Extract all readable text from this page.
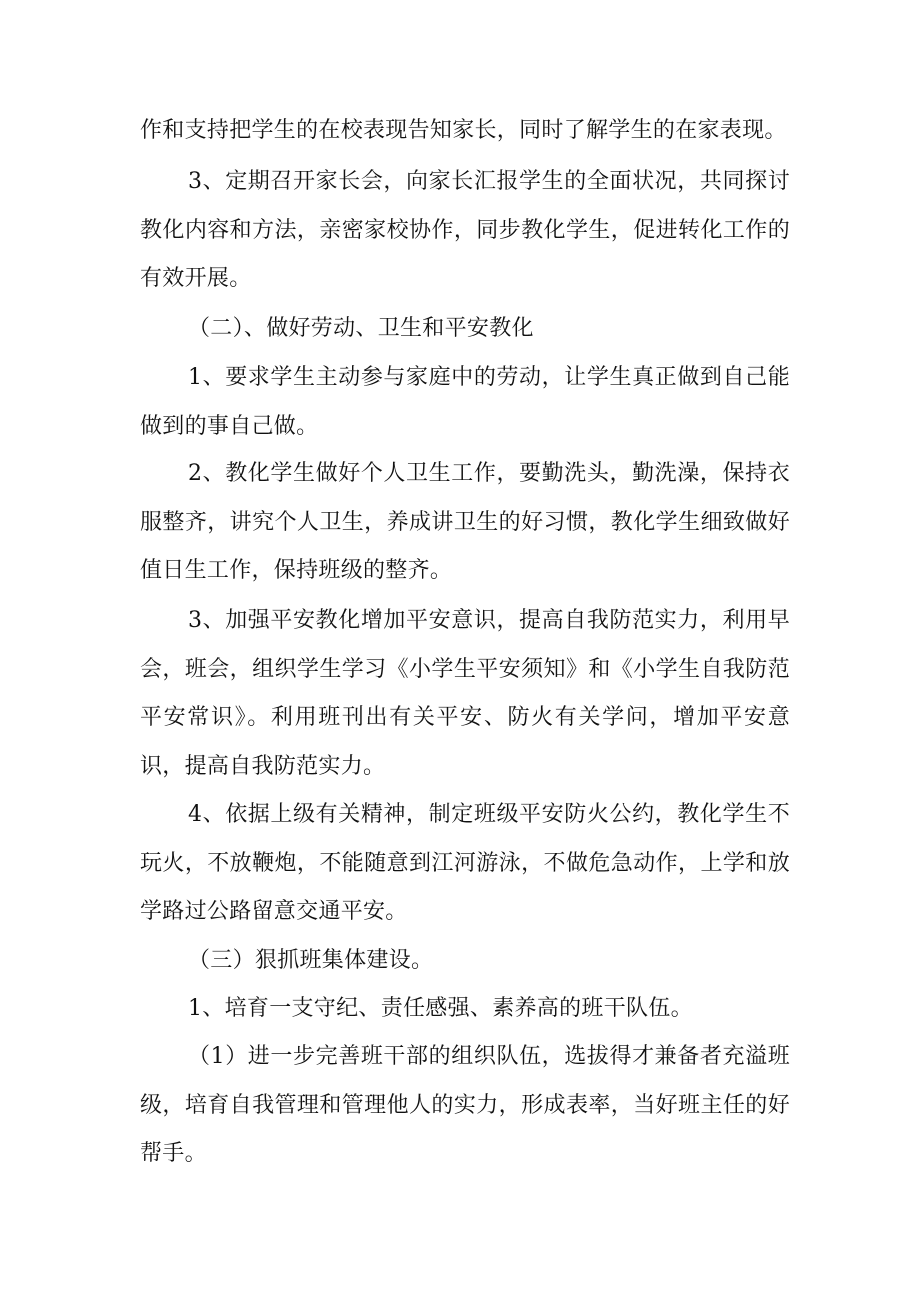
作和支持把学生的在校表现告知家长，同时了解学生的在家表现。

3、定期召开家长会，向家长汇报学生的全面状况，共同探讨教化内容和方法，亲密家校协作，同步教化学生，促进转化工作的有效开展。

（二）、做好劳动、卫生和平安教化

1、要求学生主动参与家庭中的劳动，让学生真正做到自己能做到的事自己做。

2、教化学生做好个人卫生工作，要勤洗头，勤洗澡，保持衣服整齐，讲究个人卫生，养成讲卫生的好习惯，教化学生细致做好值日生工作，保持班级的整齐。

3、加强平安教化增加平安意识，提高自我防范实力，利用早会，班会，组织学生学习《小学生平安须知》和《小学生自我防范平安常识》。利用班刊出有关平安、防火有关学问，增加平安意识，提高自我防范实力。

4、依据上级有关精神，制定班级平安防火公约，教化学生不玩火，不放鞭炮，不能随意到江河游泳，不做危急动作，上学和放学路过公路留意交通平安。

（三）狠抓班集体建设。

1、培育一支守纪、责任感强、素养高的班干队伍。

（1）进一步完善班干部的组织队伍，选拔得才兼备者充溢班级，培育自我管理和管理他人的实力，形成表率，当好班主任的好帮手。
